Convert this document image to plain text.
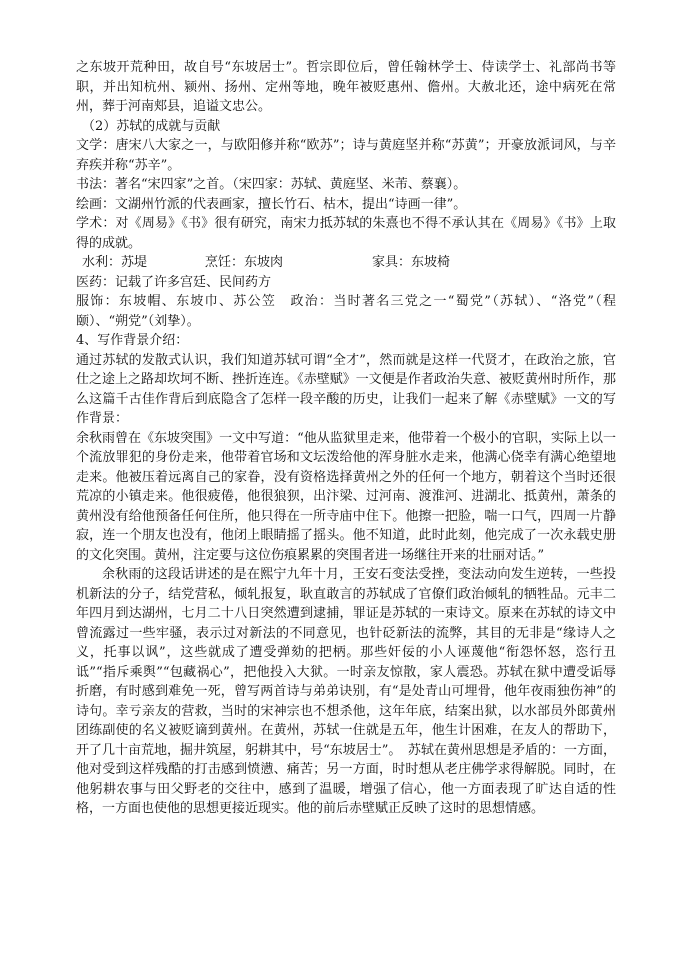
之东坡开荒种田，故自号“东坡居士”。哲宗即位后，曾任翰林学士、侍读学士、礼部尚书等职，并出知杭州、颍州、扬州、定州等地，晚年被贬惠州、儋州。大赦北还，途中病死在常州，葬于河南郏县，追谥文忠公。

（2）苏轼的成就与贡献

文学：唐宋八大家之一，与欧阳修并称“欧苏”；诗与黄庭坚并称“苏黄”；开豪放派词风，与辛弃疾并称“苏辛”。

书法：著名“宋四家”之首。（宋四家：苏轼、黄庭坚、米芾、蔡襄）。

绘画：文湖州竹派的代表画家，擅长竹石、枯木，提出“诗画一律”。

学术：对《周易》《书》很有研究，南宋力抵苏轼的朱熹也不得不承认其在《周易》《书》上取得的成就。

水利：苏堤	烹饪：东坡肉	家具：东坡椅

医药：记载了许多宫廷、民间药方

服饰：东坡帽、东坡巾、苏公笠　政治：当时著名三党之一“蜀党”（苏轼）、“洛党”（程颐）、“朔党”（刘挚）。

4、写作背景介绍：

通过苏轼的发散式认识，我们知道苏轼可谓“全才”，然而就是这样一代贤才，在政治之旅，官仕之途上之路却坎坷不断、挫折连连。《赤壁赋》一文便是作者政治失意、被贬黄州时所作，那么这篇千古佳作背后到底隐含了怎样一段辛酸的历史，让我们一起来了解《赤壁赋》一文的写作背景：

余秋雨曾在《东坡突围》一文中写道：“他从监狱里走来，他带着一个极小的官职，实际上以一个流放罪犯的身份走来，他带着官场和文坛泼给他的浑身脏水走来，他满心侥幸有满心绝望地走来。他被压着远离自己的家眷，没有资格选择黄州之外的任何一个地方，朝着这个当时还很荒凉的小镇走来。他很疲倦，他很狼狈，出汴梁、过河南、渡淮河、进湖北、抵黄州，萧条的黄州没有给他预备任何住所，他只得在一所寺庙中住下。他擦一把脸，喘一口气，四周一片静寂，连一个朋友也没有，他闭上眼睛摇了摇头。他不知道，此时此刻，他完成了一次永载史册的文化突围。黄州，注定要与这位伤痕累累的突围者进一场继往开来的壮丽对话。”

余秋雨的这段话讲述的是在熙宁九年十月，王安石变法受挫，变法动向发生逆转，一些投机新法的分子，结党营私，倾轧报复，耿直敢言的苏轼成了官僚们政治倾轧的牺牲品。元丰二年四月到达湖州，七月二十八日突然遭到逮捕，罪证是苏轼的一束诗文。原来在苏轼的诗文中曾流露过一些牢骚，表示过对新法的不同意见，也针砭新法的流弊，其目的无非是“缘诗人之义，托事以讽”，这些就成了遭受弹劾的把柄。那些奸佞的小人诬蔑他“衔怨怀怒，恣行丑诋”“指斥乘舆”“包藏祸心”，把他投入大狱。一时亲友惊散，家人震恐。苏轼在狱中遭受诟辱折磨，有时感到难免一死，曾写两首诗与弟弟诀别，有“是处青山可埋骨，他年夜雨独伤神”的诗句。幸亏亲友的营救，当时的宋神宗也不想杀他，这年年底，结案出狱，以水部员外郎黄州团练副使的名义被贬谪到黄州。在黄州，苏轼一住就是五年，他生计困难，在友人的帮助下，开了几十亩荒地，掘井筑屋，躬耕其中，号“东坡居士”。　苏轼在黄州思想是矛盾的：一方面，他对受到这样残酷的打击感到愤懑、痛苦；另一方面，时时想从老庄佛学求得解脱。同时，在他躬耕农事与田父野老的交往中，感到了温暖，增强了信心，他一方面表现了旷达自适的性格，一方面也使他的思想更接近现实。他的前后赤壁赋正反映了这时的思想情感。
